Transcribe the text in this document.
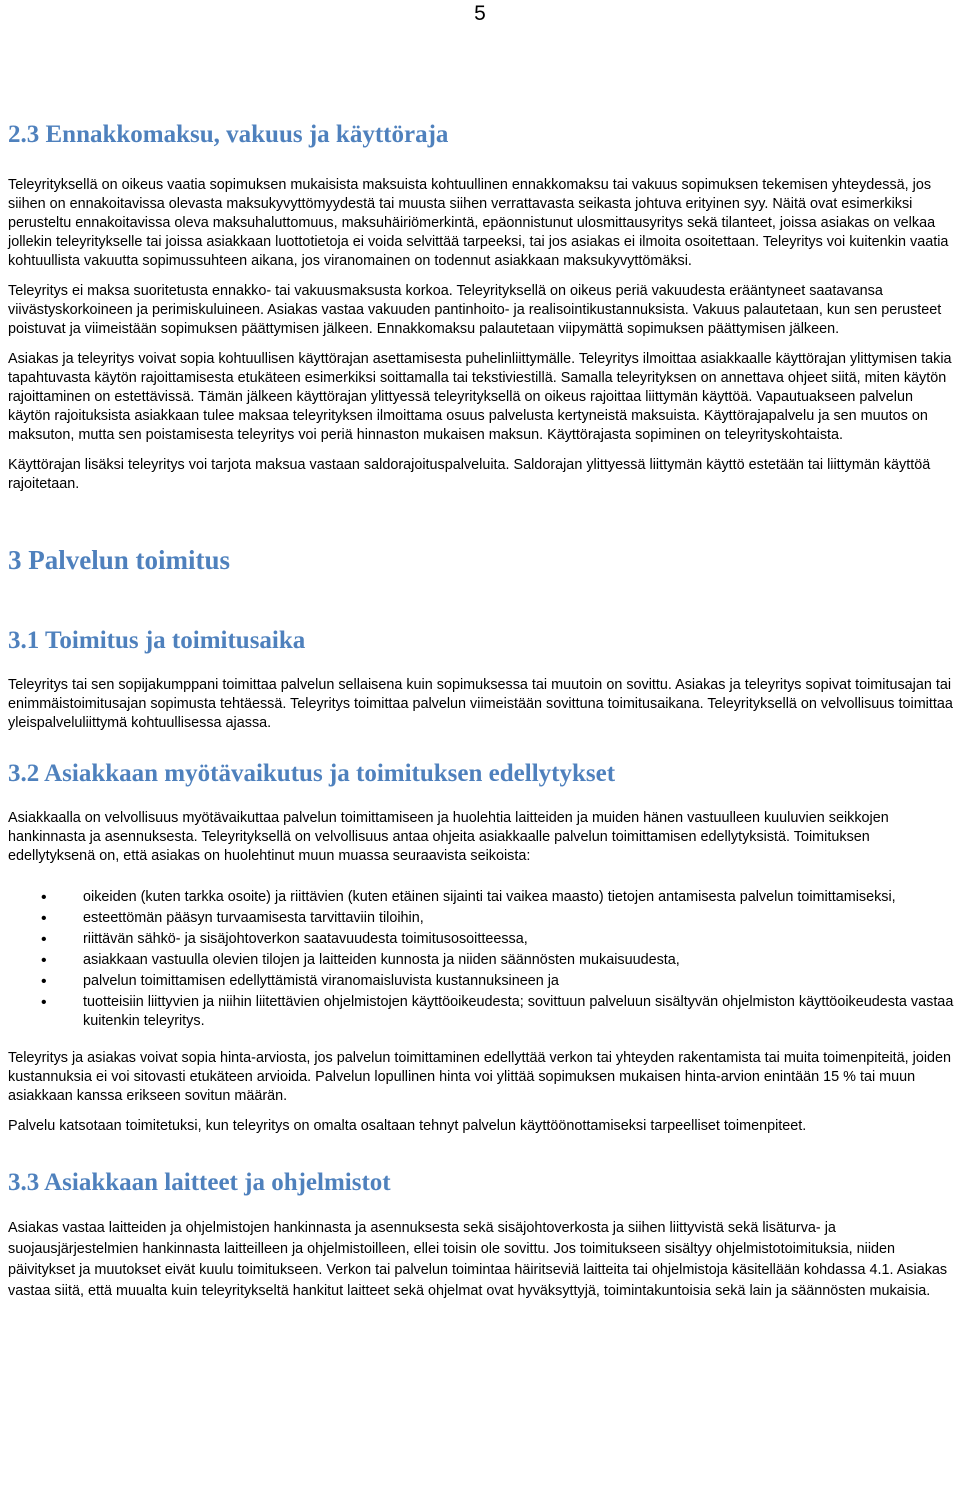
5
2.3 Ennakkomaksu, vakuus ja käyttöraja

Teleyrityksellä on oikeus vaatia sopimuksen mukaisista maksuista kohtuullinen ennakkomaksu tai vakuus sopimuksen tekemisen yhteydessä, jos siihen on ennakoitavissa olevasta maksukyvyttömyydestä tai muusta siihen verrattavasta seikasta johtuva erityinen syy. Näitä ovat esimerkiksi perusteltu ennakoitavissa oleva maksuhaluttomuus, maksuhäiriömerkintä, epäonnistunut ulosmittausyritys sekä tilanteet, joissa asiakas on velkaa jollekin teleyritykselle tai joissa asiakkaan luottotietoja ei voida selvittää tarpeeksi, tai jos asiakas ei ilmoita osoitettaan. Teleyritys voi kuitenkin vaatia kohtuullista vakuutta sopimussuhteen aikana, jos viranomainen on todennut asiakkaan maksukyvyttömäksi.

Teleyritys ei maksa suoritetusta ennakko- tai vakuusmaksusta korkoa. Teleyrityksellä on oikeus periä vakuudesta erääntyneet saatavansa viivästyskorkoineen ja perimiskuluineen. Asiakas vastaa vakuuden pantinhoito- ja realisointikustannuksista. Vakuus palautetaan, kun sen perusteet poistuvat ja viimeistään sopimuksen päättymisen jälkeen. Ennakkomaksu palautetaan viipymättä sopimuksen päättymisen jälkeen.

Asiakas ja teleyritys voivat sopia kohtuullisen käyttörajan asettamisesta puhelinliittymälle. Teleyritys ilmoittaa asiakkaalle käyttörajan ylittymisen takia tapahtuvasta käytön rajoittamisesta etukäteen esimerkiksi soittamalla tai tekstiviestillä. Samalla teleyrityksen on annettava ohjeet siitä, miten käytön rajoittaminen on estettävissä. Tämän jälkeen käyttörajan ylittyessä teleyrityksellä on oikeus rajoittaa liittymän käyttöä. Vapautuakseen palvelun käytön rajoituksista asiakkaan tulee maksaa teleyrityksen ilmoittama osuus palvelusta kertyneistä maksuista. Käyttörajapalvelu ja sen muutos on maksuton, mutta sen poistamisesta teleyritys voi periä hinnaston mukaisen maksun. Käyttörajasta sopiminen on teleyrityskohtaista.

Käyttörajan lisäksi teleyritys voi tarjota maksua vastaan saldorajoituspalveluita. Saldorajan ylittyessä liittymän käyttö estetään tai liittymän käyttöä rajoitetaan.

3 Palvelun toimitus
3.1 Toimitus ja toimitusaika

Teleyritys tai sen sopijakumppani toimittaa palvelun sellaisena kuin sopimuksessa tai muutoin on sovittu. Asiakas ja teleyritys sopivat toimitusajan tai enimmäistoimitusajan sopimusta tehtäessä. Teleyritys toimittaa palvelun viimeistään sovittuna toimitusaikana. Teleyrityksellä on velvollisuus toimittaa yleispalveluliittymä kohtuullisessa ajassa.

3.2 Asiakkaan myötävaikutus ja toimituksen edellytykset

Asiakkaalla on velvollisuus myötävaikuttaa palvelun toimittamiseen ja huolehtia laitteiden ja muiden hänen vastuulleen kuuluvien seikkojen hankinnasta ja asennuksesta. Teleyrityksellä on velvollisuus antaa ohjeita asiakkaalle palvelun toimittamisen edellytyksistä. Toimituksen edellytyksenä on, että asiakas on huolehtinut muun muassa seuraavista seikoista:

• oikeiden (kuten tarkka osoite) ja riittävien (kuten etäinen sijainti tai vaikea maasto) tietojen antamisesta palvelun toimittamiseksi,
• esteettömän pääsyn turvaamisesta tarvittaviin tiloihin,
• riittävän sähkö- ja sisäjohtoverkon saatavuudesta toimitusosoitteessa,
• asiakkaan vastuulla olevien tilojen ja laitteiden kunnosta ja niiden säännösten mukaisuudesta,
• palvelun toimittamisen edellyttämistä viranomaisluvista kustannuksineen ja
• tuotteisiin liittyvien ja niihin liitettävien ohjelmistojen käyttöoikeudesta; sovittuun palveluun sisältyvän ohjelmiston käyttöoikeudesta vastaa kuitenkin teleyritys.

Teleyritys ja asiakas voivat sopia hinta-arviosta, jos palvelun toimittaminen edellyttää verkon tai yhteyden rakentamista tai muita toimenpiteitä, joiden kustannuksia ei voi sitovasti etukäteen arvioida. Palvelun lopullinen hinta voi ylittää sopimuksen mukaisen hinta-arvion enintään 15 % tai muun asiakkaan kanssa erikseen sovitun määrän.

Palvelu katsotaan toimitetuksi, kun teleyritys on omalta osaltaan tehnyt palvelun käyttöönottamiseksi tarpeelliset toimenpiteet.

3.3 Asiakkaan laitteet ja ohjelmistot

Asiakas vastaa laitteiden ja ohjelmistojen hankinnasta ja asennuksesta sekä sisäjohtoverkosta ja siihen liittyvistä sekä lisäturva- ja suojausjärjestelmien hankinnasta laitteilleen ja ohjelmistoilleen, ellei toisin ole sovittu. Jos toimitukseen sisältyy ohjelmistotoimituksia, niiden päivitykset ja muutokset eivät kuulu toimitukseen. Verkon tai palvelun toimintaa häiritseviä laitteita tai ohjelmistoja käsitellään kohdassa 4.1. Asiakas vastaa siitä, että muualta kuin teleyritykseltä hankitut laitteet sekä ohjelmat ovat hyväksyttyjä, toimintakuntoisia sekä lain ja säännösten mukaisia.
